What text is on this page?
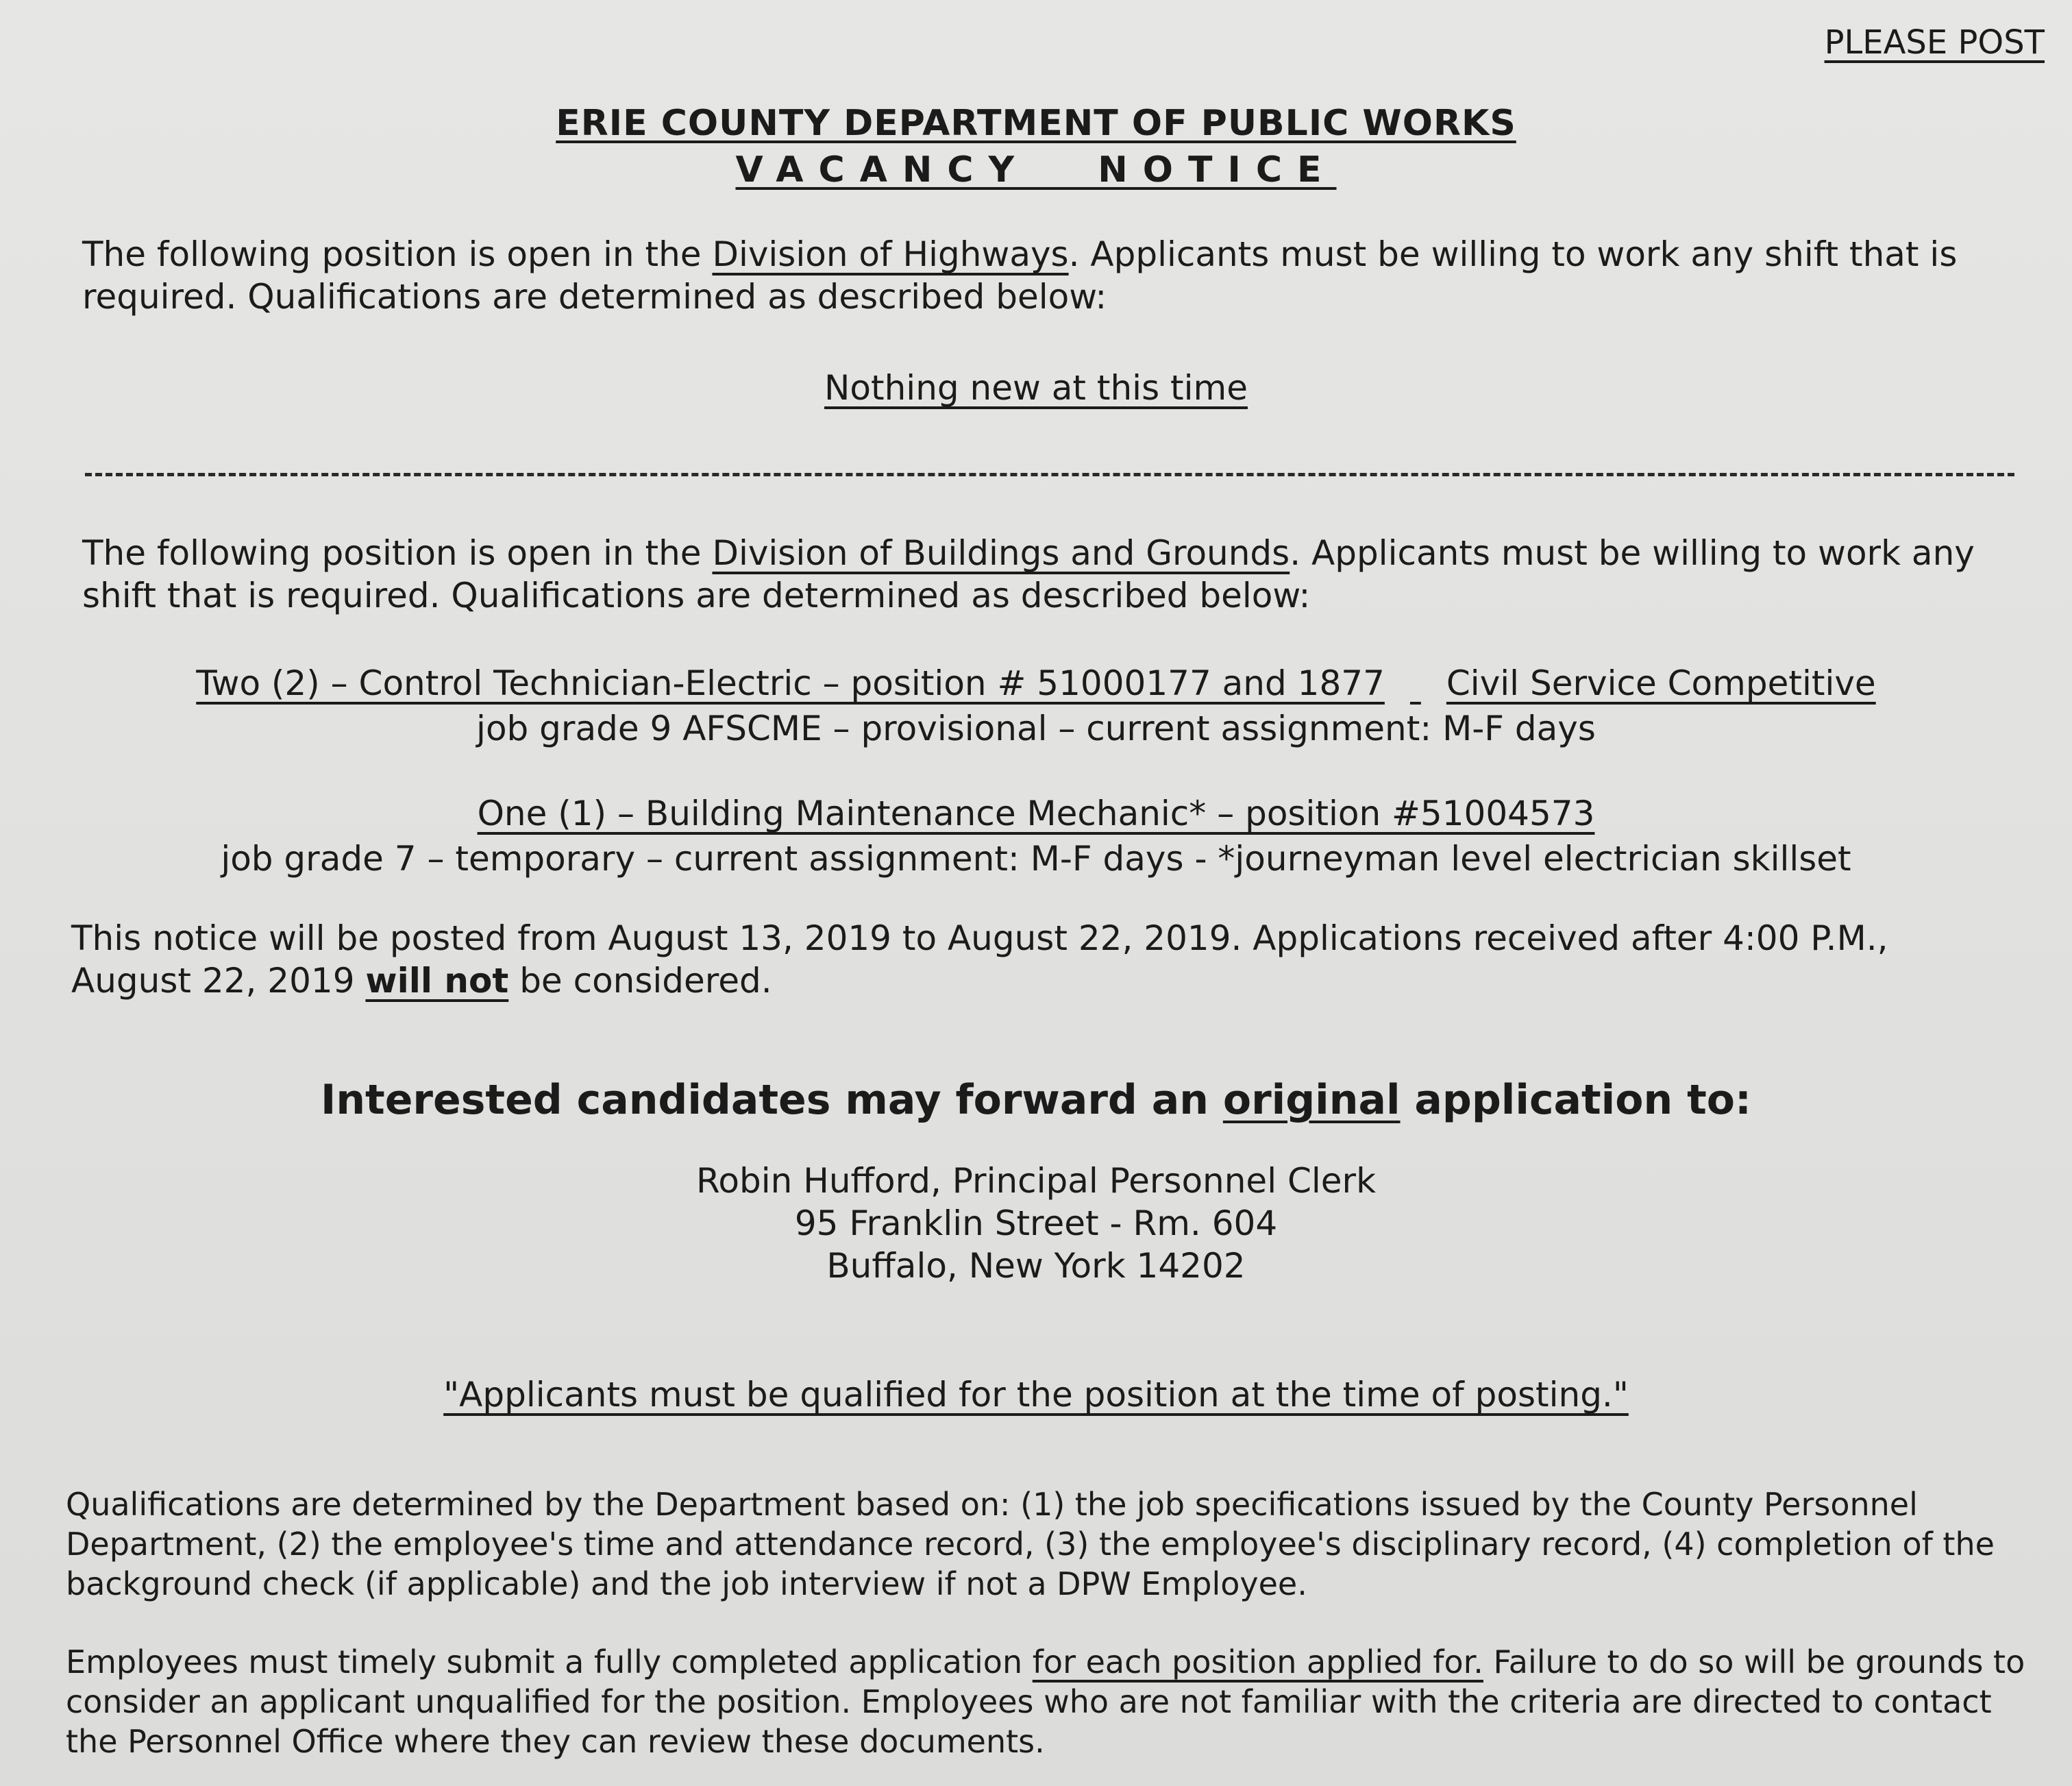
PLEASE POST
ERIE COUNTY DEPARTMENT OF PUBLIC WORKS
VACANCY NOTICE
The following position is open in the Division of Highways. Applicants must be willing to work any shift that is required. Qualifications are determined as described below:
Nothing new at this time
The following position is open in the Division of Buildings and Grounds. Applicants must be willing to work any shift that is required. Qualifications are determined as described below:
Two (2) – Control Technician-Electric – position # 51000177 and 1877 Civil Service Competitive
job grade 9 AFSCME – provisional – current assignment: M-F days
One (1) – Building Maintenance Mechanic* – position #51004573
job grade 7 – temporary – current assignment: M-F days - *journeyman level electrician skillset
This notice will be posted from August 13, 2019 to August 22, 2019. Applications received after 4:00 P.M.,
August 22, 2019 will not be considered.
Interested candidates may forward an original application to:
Robin Hufford, Principal Personnel Clerk
95 Franklin Street - Rm. 604
Buffalo, New York 14202
"Applicants must be qualified for the position at the time of posting."
Qualifications are determined by the Department based on: (1) the job specifications issued by the County Personnel Department, (2) the employee's time and attendance record, (3) the employee's disciplinary record, (4) completion of the background check (if applicable) and the job interview if not a DPW Employee.
Employees must timely submit a fully completed application for each position applied for. Failure to do so will be grounds to consider an applicant unqualified for the position. Employees who are not familiar with the criteria are directed to contact the Personnel Office where they can review these documents.
